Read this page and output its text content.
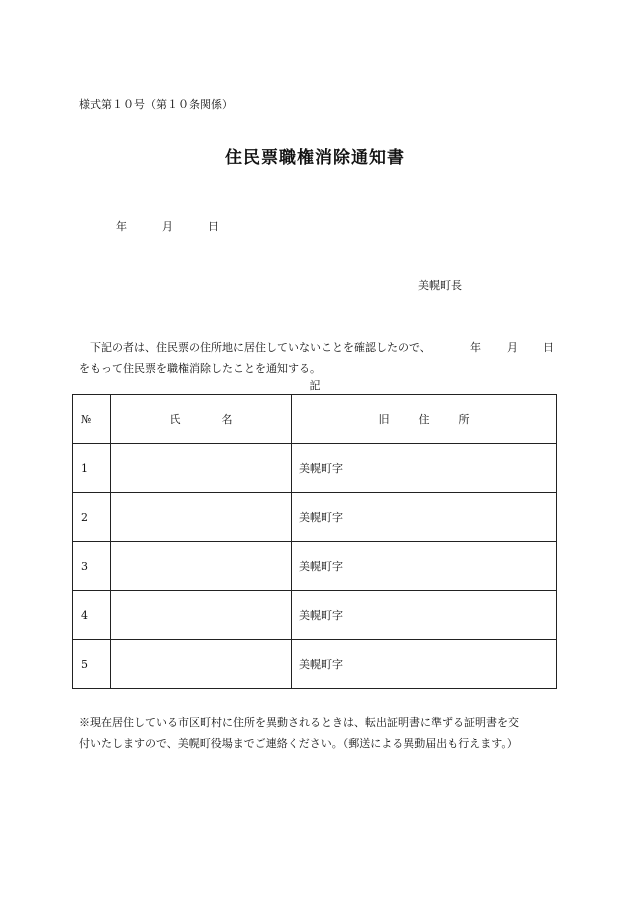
様式第１０号（第１０条関係）
住民票職権消除通知書
年	月	日
美幌町長
下記の者は、住民票の住所地に居住していないことを確認したので、	年 月 日
をもって住民票を職権消除したことを通知する。
記
№	氏 名	旧 住 所
1		美幌町字
2		美幌町字
3		美幌町字
4		美幌町字
5		美幌町字
※現在居住している市区町村に住所を異動されるときは、転出証明書に準ずる証明書を交
付いたしますので、美幌町役場までご連絡ください。（郵送による異動届出も行えます。）
